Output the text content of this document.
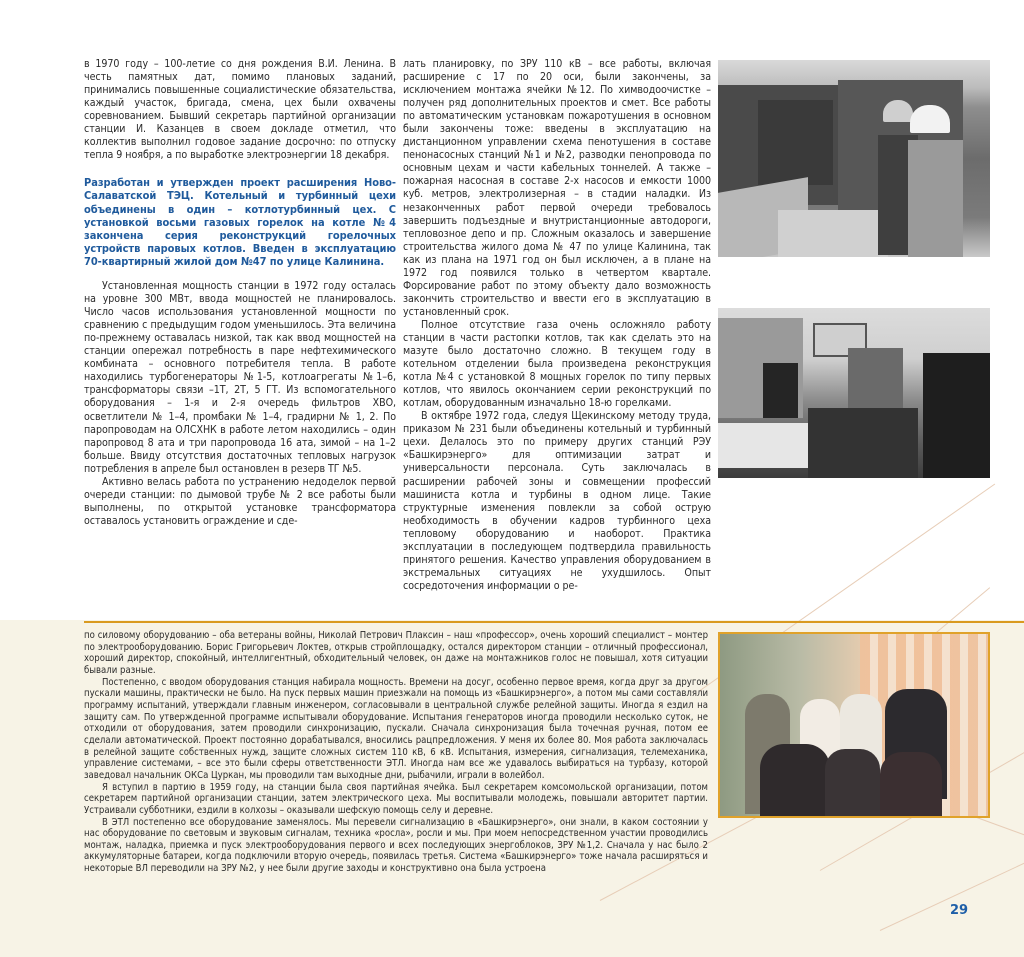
в 1970 году – 100-летие со дня рождения В.И. Ленина. В честь памятных дат, помимо плановых заданий, принимались повышенные социалистические обязательства, каждый участок, бригада, смена, цех были охвачены соревнованием. Бывший секретарь партийной организации станции И. Казанцев в своем докладе отметил, что коллектив выполнил годовое задание досрочно: по отпуску тепла 9 ноября, а по выработке электроэнергии 18 декабря.

Разработан и утвержден проект расширения Ново-Салаватской ТЭЦ. Котельный и турбинный цехи объединены в один – котлотурбинный цех. С установкой восьми газовых горелок на котле №4 закончена серия реконструкций горелочных устройств паровых котлов. Введен в эксплуатацию 70-квартирный жилой дом №47 по улице Калинина.

Установленная мощность станции в 1972 году осталась на уровне 300 МВт, ввода мощностей не планировалось. Число часов использования установленной мощности по сравнению с предыдущим годом уменьшилось. Эта величина по-прежнему оставалась низкой, так как ввод мощностей на станции опережал потребность в паре нефтехимического комбината – основного потребителя тепла. В работе находились турбогенераторы №1-5, котлоагрегаты №1–6, трансформаторы связи –1Т, 2Т, 5 ГТ. Из вспомогательного оборудования – 1-я и 2-я очередь фильтров ХВО, осветлители № 1–4, промбаки № 1–4, градирни № 1, 2. По паропроводам на ОЛСХНК в работе летом находились – один паропровод 8 ата и три паропровода 16 ата, зимой – на 1–2 больше. Ввиду отсутствия достаточных тепловых нагрузок потребления в апреле был остановлен в резерв ТГ №5.

Активно велась работа по устранению недоделок первой очереди станции: по дымовой трубе № 2 все работы были выполнены, по открытой установке трансформатора оставалось установить ограждение и сде-

лать планировку, по ЗРУ 110 кВ – все работы, включая расширение с 17 по 20 оси, были закончены, за исключением монтажа ячейки №12. По химводоочистке – получен ряд дополнительных проектов и смет. Все работы по автоматическим установкам пожаротушения в основном были закончены тоже: введены в эксплуатацию на дистанционном управлении схема пенотушения в составе пенонасосных станций №1 и №2, разводки пенопровода по основным цехам и части кабельных тоннелей. А также – пожарная насосная в составе 2-х насосов и емкости 1000 куб. метров, электролизерная – в стадии наладки. Из незаконченных работ первой очереди требовалось завершить подъездные и внутристанционные автодороги, тепловозное депо и пр. Сложным оказалось и завершение строительства жилого дома № 47 по улице Калинина, так как из плана на 1971 год он был исключен, а в плане на 1972 год появился только в четвертом квартале. Форсирование работ по этому объекту дало возможность закончить строительство и ввести его в эксплуатацию в установленный срок.

Полное отсутствие газа очень осложняло работу станции в части растопки котлов, так как сделать это на мазуте было достаточно сложно. В текущем году в котельном отделении была произведена реконструкция котла №4 с установкой 8 мощных горелок по типу первых котлов, что явилось окончанием серии реконструкций по котлам, оборудованным изначально 18-ю горелками.

В октябре 1972 года, следуя Щекинскому методу труда, приказом № 231 были объединены котельный и турбинный цехи. Делалось это по примеру других станций РЭУ «Башкирэнерго» для оптимизации затрат и универсальности персонала. Суть заключалась в расширении рабочей зоны и совмещении профессий машиниста котла и турбины в одном лице. Такие структурные изменения повлекли за собой острую необходимость в обучении кадров турбинного цеха тепловому оборудованию и наоборот. Практика эксплуатации в последующем подтвердила правильность принятого решения. Качество управления оборудованием в экстремальных ситуациях не ухудшилось. Опыт сосредоточения информации о ре-

по силовому оборудованию – оба ветераны войны, Николай Петрович Плаксин – наш «профессор», очень хороший специалист – монтер по электрооборудованию. Борис Григорьевич Локтев, открыв стройплощадку, остался директором станции – отличный профессионал, хороший директор, спокойный, интеллигентный, обходительный человек, он даже на монтажников голос не повышал, хотя ситуации бывали разные.

Постепенно, с вводом оборудования станция набирала мощность. Времени на досуг, особенно первое время, когда друг за другом пускали машины, практически не было. На пуск первых машин приезжали на помощь из «Башкирэнерго», а потом мы сами составляли программу испытаний, утверждали главным инженером, согласовывали в центральной службе релейной защиты. Иногда я ездил на защиту сам. По утвержденной программе испытывали оборудование. Испытания генераторов иногда проводили несколько суток, не отходили от оборудования, затем проводили синхронизацию, пускали. Сначала синхронизация была точечная ручная, потом ее сделали автоматической. Проект постоянно дорабатывался, вносились рацпредложения. У меня их более 80. Моя работа заключалась в релейной защите собственных нужд, защите сложных систем 110 кВ, 6 кВ. Испытания, измерения, сигнализация, телемеханика, управление системами, – все это были сферы ответственности ЭТЛ. Иногда нам все же удавалось выбираться на турбазу, которой заведовал начальник ОКСа Цуркан, мы проводили там выходные дни, рыбачили, играли в волейбол.

Я вступил в партию в 1959 году, на станции была своя партийная ячейка. Был секретарем комсомольской организации, потом секретарем партийной организации станции, затем электрического цеха. Мы воспитывали молодежь, повышали авторитет партии. Устраивали субботники, ездили в колхозы – оказывали шефскую помощь селу и деревне.

В ЭТЛ постепенно все оборудование заменялось. Мы перевели сигнализацию в «Башкирэнерго», они знали, в каком состоянии у нас оборудование по световым и звуковым сигналам, техника «росла», росли и мы. При моем непосредственном участии проводились монтаж, наладка, приемка и пуск электрооборудования первого и всех последующих энергоблоков, ЗРУ №1,2. Сначала у нас было 2 аккумуляторные батареи, когда подключили вторую очередь, появилась третья. Система «Башкирэнерго» тоже начала расширяться и некоторые ВЛ переводили на ЗРУ №2, у нее были другие заходы и конструктивно она была устроена

29
